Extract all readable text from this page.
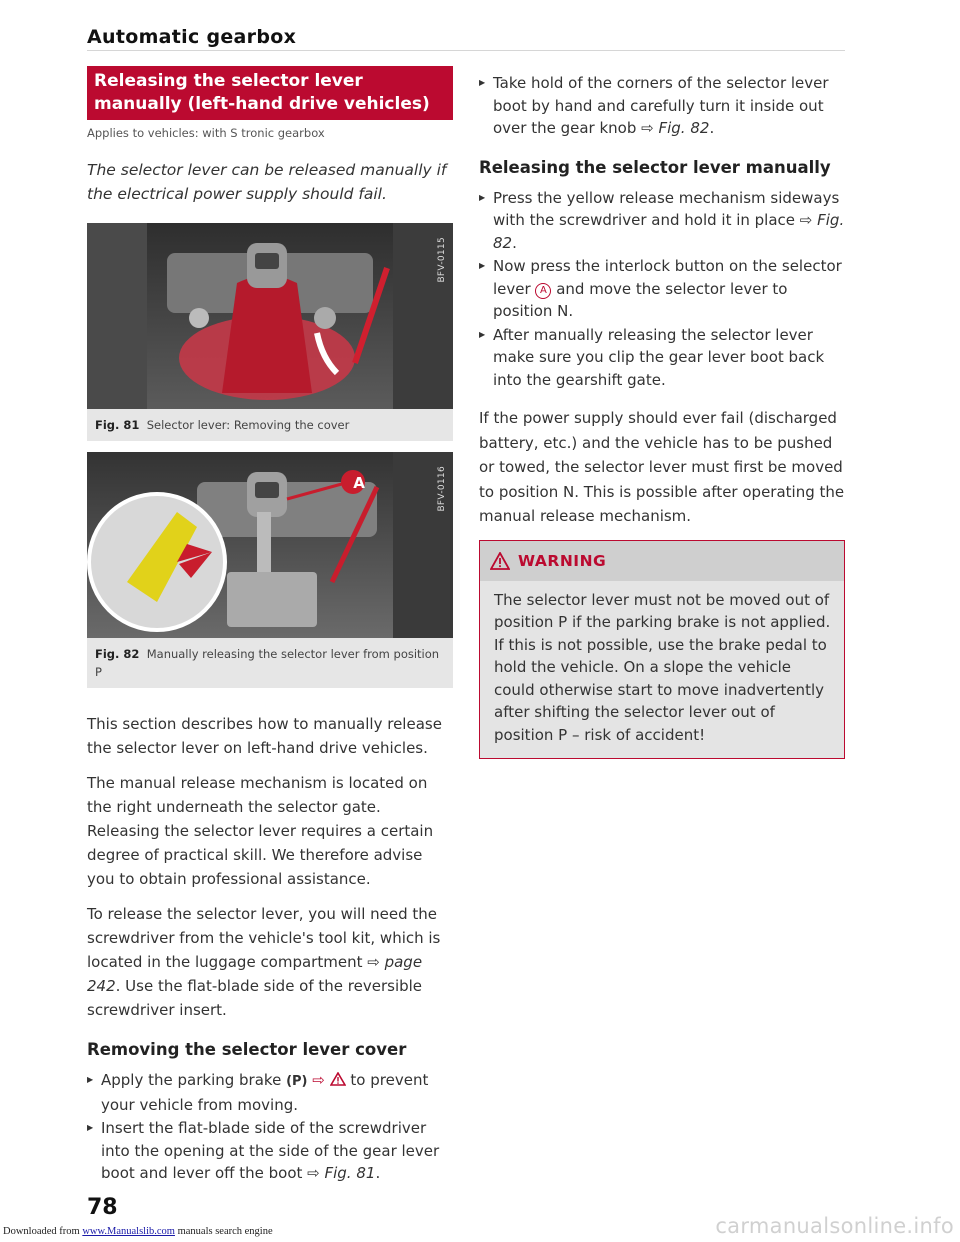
Automatic gearbox
Releasing the selector lever manually (left-hand drive vehicles)
Applies to vehicles: with S tronic gearbox
The selector lever can be released manually if the electrical power supply should fail.
BFV-0115
Fig. 81 Selector lever: Removing the cover
BFV-0116
A
Fig. 82 Manually releasing the selector lever from position P

This section describes how to manually release the selector lever on left-hand drive vehicles.

The manual release mechanism is located on the right underneath the selector gate. Releasing the selector lever requires a certain degree of practical skill. We therefore advise you to obtain professional assistance.

To release the selector lever, you will need the screwdriver from the vehicle's tool kit, which is located in the luggage compartment ⇨ page 242. Use the flat-blade side of the reversible screwdriver insert.

Removing the selector lever cover
▶ Apply the parking brake (P) ⇨ to prevent your vehicle from moving.
▶ Insert the flat-blade side of the screwdriver into the opening at the side of the gear lever boot and lever off the boot ⇨ Fig. 81.
▶ Take hold of the corners of the selector lever boot by hand and carefully turn it inside out over the gear knob ⇨ Fig. 82.
Releasing the selector lever manually
▶ Press the yellow release mechanism sideways with the screwdriver and hold it in place ⇨ Fig. 82.
▶ Now press the interlock button on the selector lever A and move the selector lever to position N.
▶ After manually releasing the selector lever make sure you clip the gear lever boot back into the gearshift gate.

If the power supply should ever fail (discharged battery, etc.) and the vehicle has to be pushed or towed, the selector lever must first be moved to position N. This is possible after operating the manual release mechanism.

WARNING
The selector lever must not be moved out of position P if the parking brake is not applied. If this is not possible, use the brake pedal to hold the vehicle. On a slope the vehicle could otherwise start to move inadvertently after shifting the selector lever out of position P – risk of accident!
78
Downloaded from www.Manualslib.com manuals search engine	carmanualsonline.info
